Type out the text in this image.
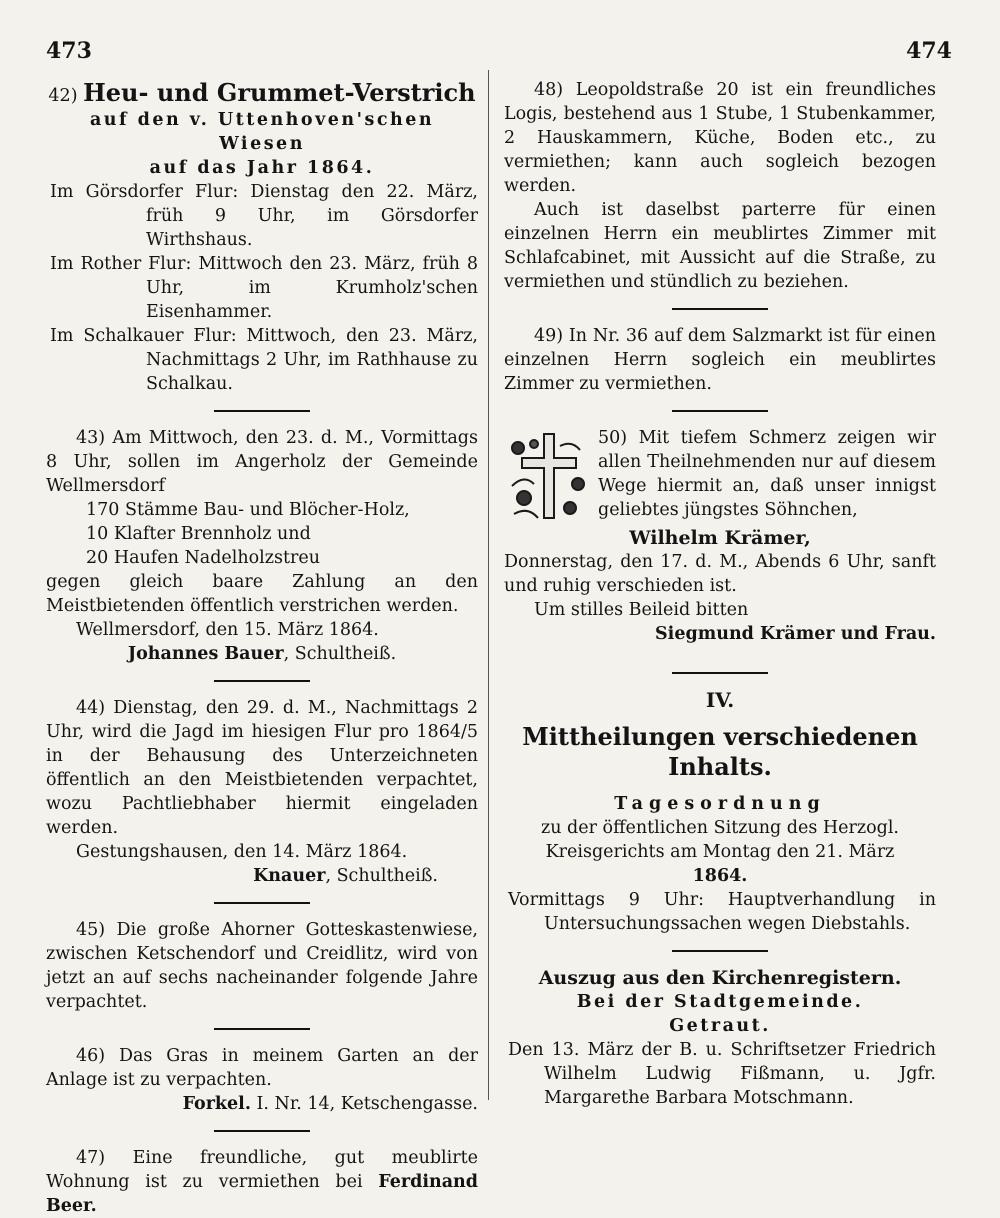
473	474
42) Heu- und Grummet-Verstrich
auf den v. Uttenhoven'schen Wiesen
auf das Jahr 1864.
Im Görsdorfer Flur: Dienstag den 22. März, früh 9 Uhr, im Görsdorfer Wirthshaus.
Im Rother Flur: Mittwoch den 23. März, früh 8 Uhr, im Krumholz'schen Eisenhammer.
Im Schalkauer Flur: Mittwoch, den 23. März, Nachmittags 2 Uhr, im Rathhause zu Schalkau.
43) Am Mittwoch, den 23. d. M., Vormittags 8 Uhr, sollen im Angerholz der Gemeinde Wellmersdorf
170 Stämme Bau- und Blöcher-Holz,
10 Klafter Brennholz und
20 Haufen Nadelholzstreu
gegen gleich baare Zahlung an den Meistbietenden öffentlich verstrichen werden.
Wellmersdorf, den 15. März 1864.
Johannes Bauer, Schultheiß.
44) Dienstag, den 29. d. M., Nachmittags 2 Uhr, wird die Jagd im hiesigen Flur pro 1864/5 in der Behausung des Unterzeichneten öffentlich an den Meistbietenden verpachtet, wozu Pachtliebhaber hiermit eingeladen werden.
Gestungshausen, den 14. März 1864.
Knauer, Schultheiß.
45) Die große Ahorner Gotteskastenwiese, zwischen Ketschendorf und Creidlitz, wird von jetzt an auf sechs nacheinander folgende Jahre verpachtet.
46) Das Gras in meinem Garten an der Anlage ist zu verpachten.
Forkel. I. Nr. 14, Ketschengasse.
47) Eine freundliche, gut meublirte Wohnung ist zu vermiethen bei Ferdinand Beer.
48) Leopoldstraße 20 ist ein freundliches Logis, bestehend aus 1 Stube, 1 Stubenkammer, 2 Hauskammern, Küche, Boden etc., zu vermiethen; kann auch sogleich bezogen werden.
Auch ist daselbst parterre für einen einzelnen Herrn ein meublirtes Zimmer mit Schlafcabinet, mit Aussicht auf die Straße, zu vermiethen und stündlich zu beziehen.
49) In Nr. 36 auf dem Salzmarkt ist für einen einzelnen Herrn sogleich ein meublirtes Zimmer zu vermiethen.
50) Mit tiefem Schmerz zeigen wir allen Theilnehmenden nur auf diesem Wege hiermit an, daß unser innigst geliebtes jüngstes Söhnchen,
Wilhelm Krämer,
Donnerstag, den 17. d. M., Abends 6 Uhr, sanft und ruhig verschieden ist.
Um stilles Beileid bitten
Siegmund Krämer und Frau.
IV.
Mittheilungen verschiedenen Inhalts.
Tagesordnung
zu der öffentlichen Sitzung des Herzogl. Kreisgerichts am Montag den 21. März
1864.
Vormittags 9 Uhr: Hauptverhandlung in Untersuchungssachen wegen Diebstahls.
Auszug aus den Kirchenregistern.
Bei der Stadtgemeinde.
Getraut.
Den 13. März der B. u. Schriftsetzer Friedrich Wilhelm Ludwig Fißmann, u. Jgfr. Margarethe Barbara Motschmann.
